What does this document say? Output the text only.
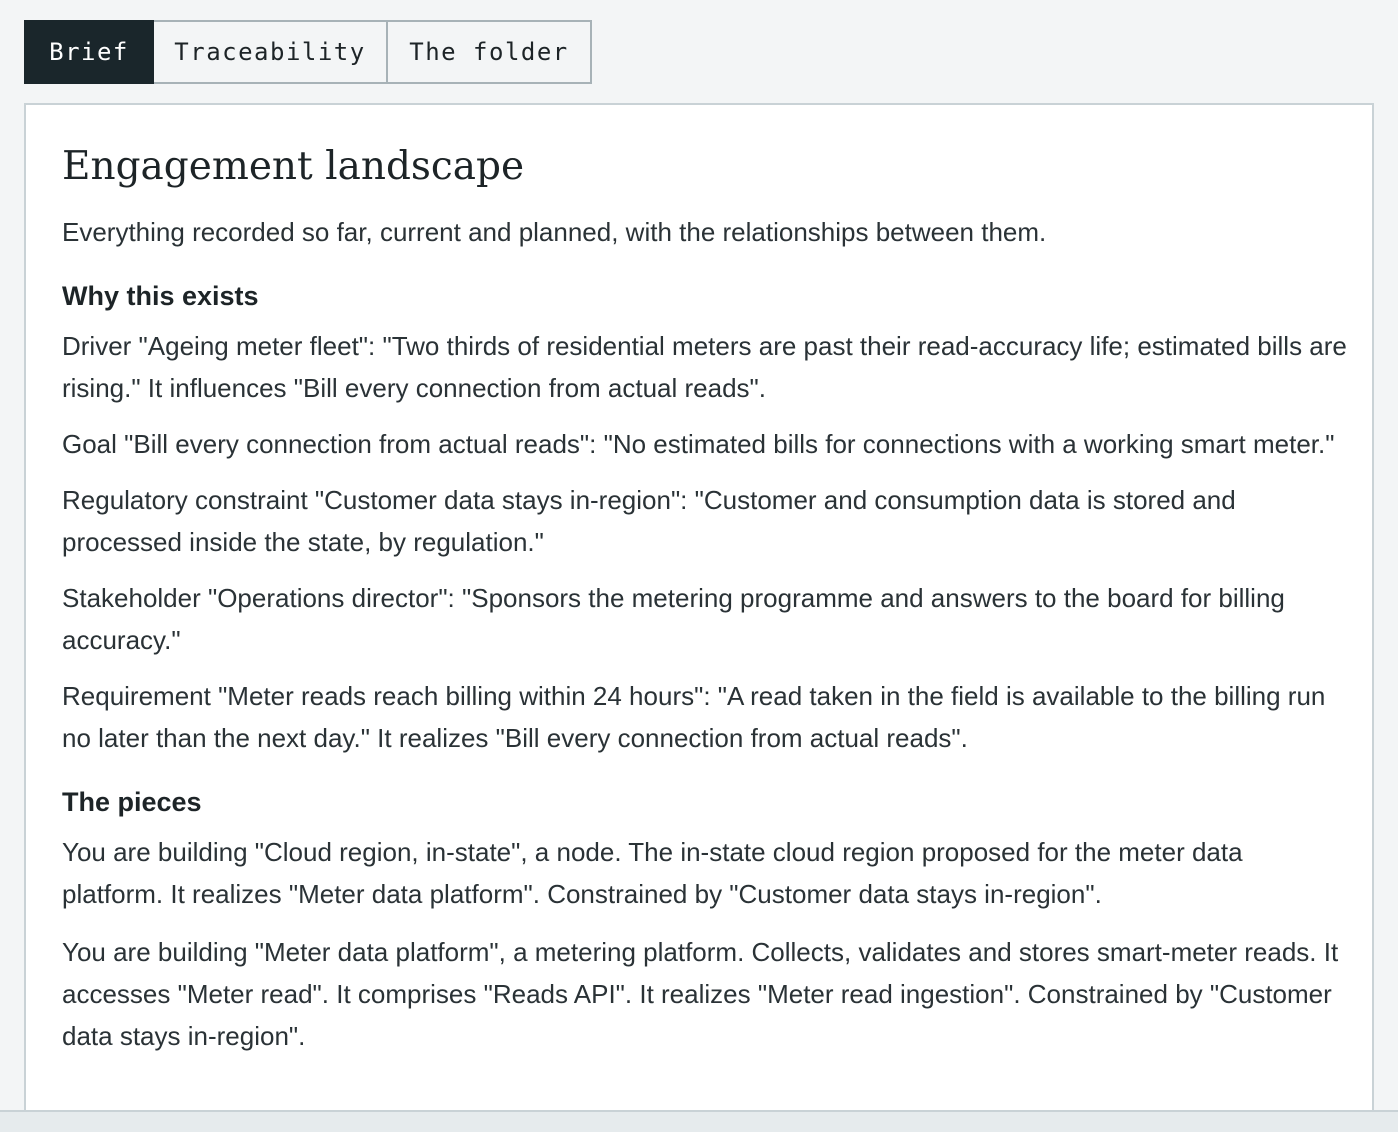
Brief	Traceability	The folder
Engagement landscape

Everything recorded so far, current and planned, with the relationships between them.

Why this exists

Driver "Ageing meter fleet": "Two thirds of residential meters are past their read-accuracy life; estimated bills are rising." It influences "Bill every connection from actual reads".

Goal "Bill every connection from actual reads": "No estimated bills for connections with a working smart meter."

Regulatory constraint "Customer data stays in-region": "Customer and consumption data is stored and processed inside the state, by regulation."

Stakeholder "Operations director": "Sponsors the metering programme and answers to the board for billing accuracy."

Requirement "Meter reads reach billing within 24 hours": "A read taken in the field is available to the billing run no later than the next day." It realizes "Bill every connection from actual reads".

The pieces

You are building "Cloud region, in-state", a node. The in-state cloud region proposed for the meter data platform. It realizes "Meter data platform". Constrained by "Customer data stays in-region".

You are building "Meter data platform", a metering platform. Collects, validates and stores smart-meter reads. It accesses "Meter read". It comprises "Reads API". It realizes "Meter read ingestion". Constrained by "Customer data stays in-region".
